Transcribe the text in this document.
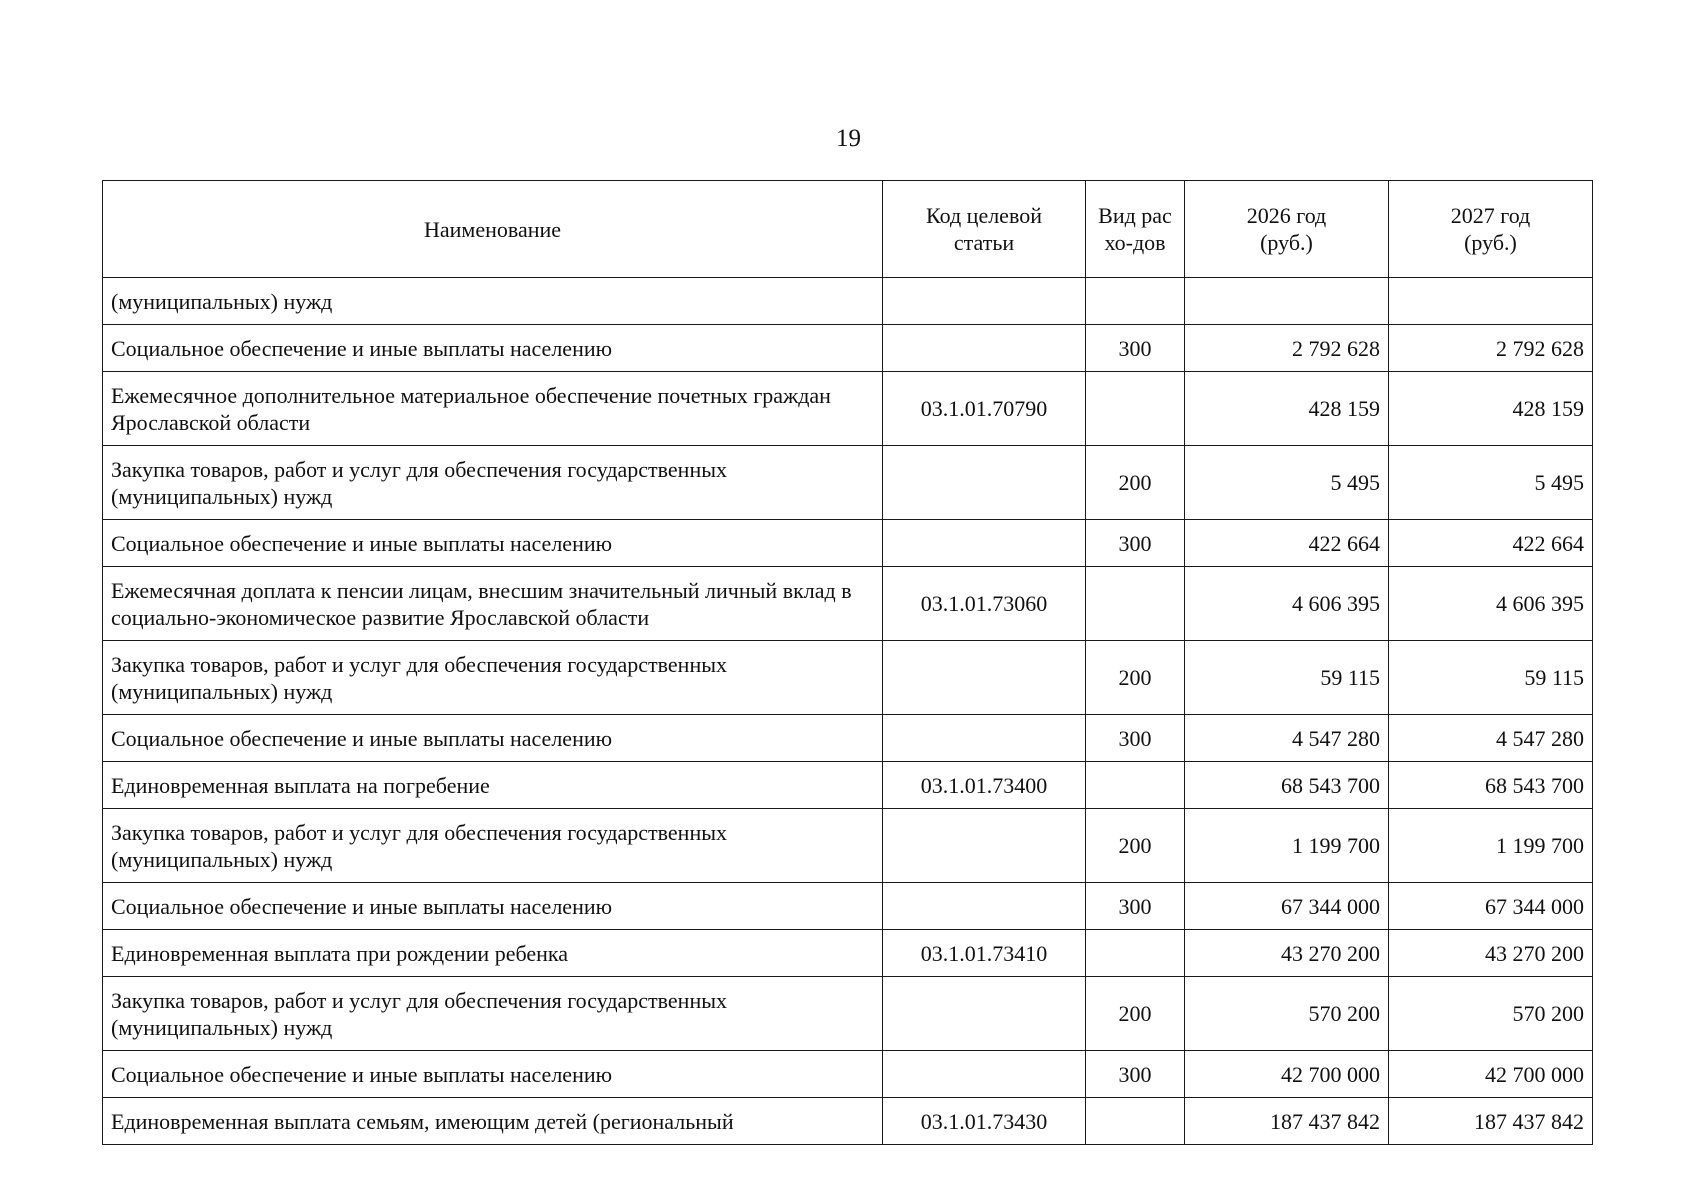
19
Наименование	Код целевой статьи	Вид расхо-дов	2026 год (руб.)	2027 год (руб.)
(муниципальных) нужд				
Социальное обеспечение и иные выплаты населению		300	2 792 628	2 792 628
Ежемесячное дополнительное материальное обеспечение почетных граждан Ярославской области	03.1.01.70790		428 159	428 159
Закупка товаров, работ и услуг для обеспечения государственных (муниципальных) нужд		200	5 495	5 495
Социальное обеспечение и иные выплаты населению		300	422 664	422 664
Ежемесячная доплата к пенсии лицам, внесшим значительный личный вклад в социально-экономическое развитие Ярославской области	03.1.01.73060		4 606 395	4 606 395
Закупка товаров, работ и услуг для обеспечения государственных (муниципальных) нужд		200	59 115	59 115
Социальное обеспечение и иные выплаты населению		300	4 547 280	4 547 280
Единовременная выплата на погребение	03.1.01.73400		68 543 700	68 543 700
Закупка товаров, работ и услуг для обеспечения государственных (муниципальных) нужд		200	1 199 700	1 199 700
Социальное обеспечение и иные выплаты населению		300	67 344 000	67 344 000
Единовременная выплата при рождении ребенка	03.1.01.73410		43 270 200	43 270 200
Закупка товаров, работ и услуг для обеспечения государственных (муниципальных) нужд		200	570 200	570 200
Социальное обеспечение и иные выплаты населению		300	42 700 000	42 700 000
Единовременная выплата семьям, имеющим детей (региональный	03.1.01.73430		187 437 842	187 437 842
